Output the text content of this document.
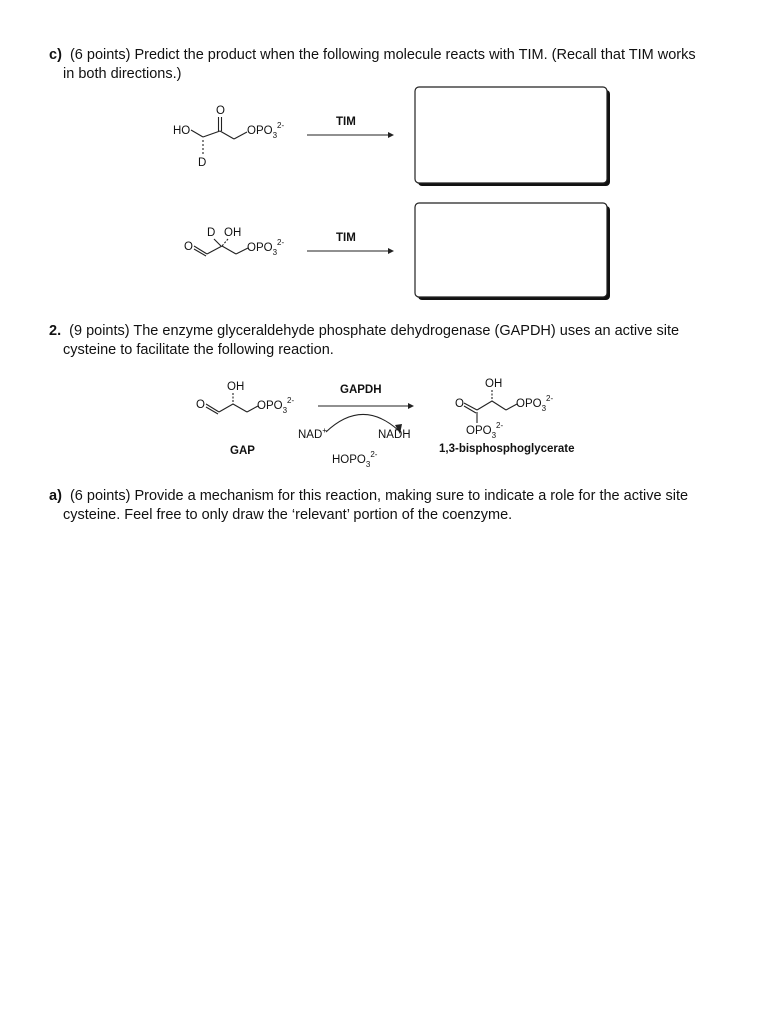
c) (6 points) Predict the product when the following molecule reacts with TIM. (Recall that TIM works
in both directions.)
2. (9 points) The enzyme glyceraldehyde phosphate dehydrogenase (GAPDH) uses an active site
cysteine to facilitate the following reaction.
a) (6 points) Provide a mechanism for this reaction, making sure to indicate a role for the active site
cysteine. Feel free to only draw the ‘relevant’ portion of the coenzyme.
O
HO
D
$OPO_3^{2-}$	TIM
D OH
O	$OPO_3^{2-}$	TIM
OH
O	$OPO_3^{2-}$
GAP
GAPDH
NAD+	NADH
$HOPO_3^{2-}$
OH
O	$OPO_3^{2-}$
$OPO_3^{2-}$
1,3-bisphosphoglycerate
